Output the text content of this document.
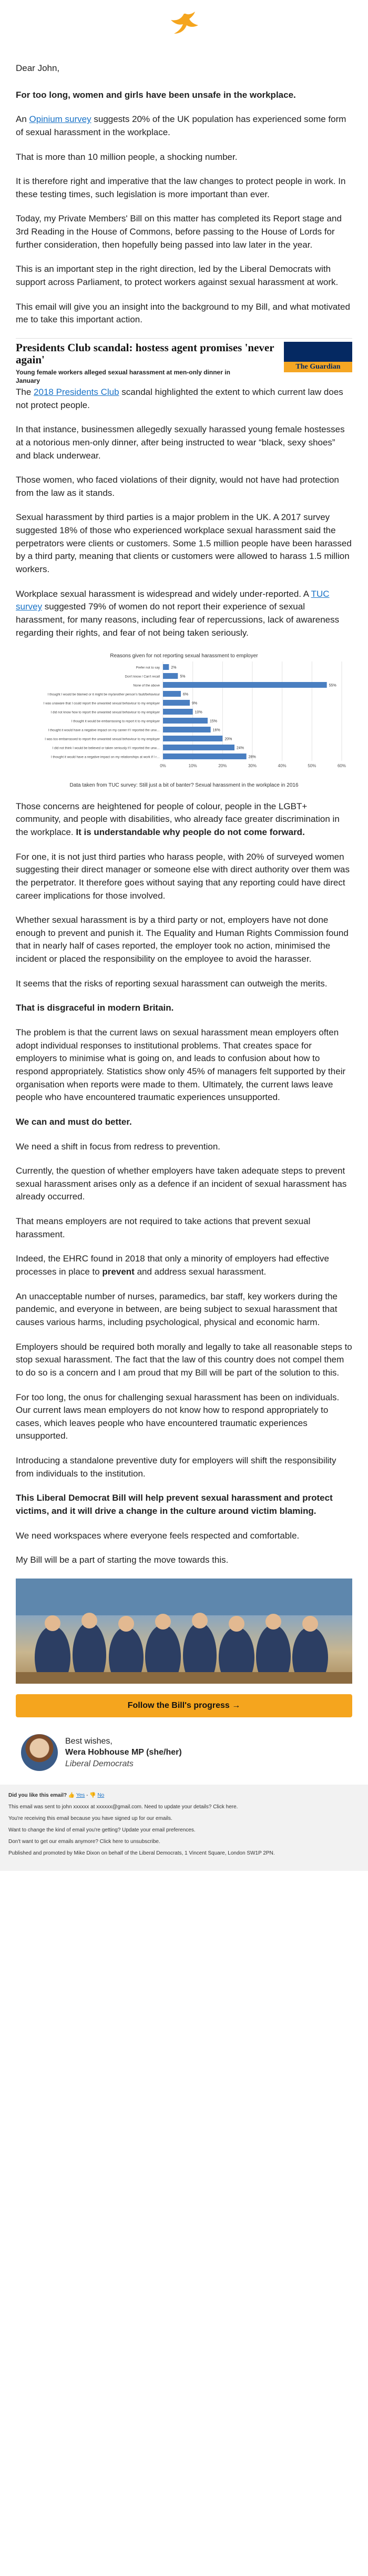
Dear John,

For too long, women and girls have been unsafe in the workplace.

An Opinium survey suggests 20% of the UK population has experienced some form of sexual harassment in the workplace.

That is more than 10 million people, a shocking number.

It is therefore right and imperative that the law changes to protect people in work. In these testing times, such legislation is more important than ever.

Today, my Private Members' Bill on this matter has completed its Report stage and 3rd Reading in the House of Commons, before passing to the House of Lords for further consideration, then hopefully being passed into law later in the year.

This is an important step in the right direction, led by the Liberal Democrats with support across Parliament, to protect workers against sexual harassment at work.

This email will give you an insight into the background to my Bill, and what motivated me to take this important action.

Presidents Club scandal: hostess agent promises 'never again'
Young female workers alleged sexual harassment at men-only dinner in January
The Guardian

The 2018 Presidents Club scandal highlighted the extent to which current law does not protect people.

In that instance, businessmen allegedly sexually harassed young female hostesses at a notorious men-only dinner, after being instructed to wear “black, sexy shoes” and black underwear.

Those women, who faced violations of their dignity, would not have had protection from the law as it stands.

Sexual harassment by third parties is a major problem in the UK. A 2017 survey suggested 18% of those who experienced workplace sexual harassment said the perpetrators were clients or customers. Some 1.5 million people have been harassed by a third party, meaning that clients or customers were allowed to harass 1.5 million workers.

Workplace sexual harassment is widespread and widely under-reported. A TUC survey suggested 79% of women do not report their experience of sexual harassment, for many reasons, including fear of repercussions, lack of awareness regarding their rights, and fear of not being taken seriously.

Reasons given for not reporting sexual harassment to employer
0%	10%	20%	30%	40%	50%	60%
Prefer not to say	2%
Don't know / Can't recall	5%
None of the above	55%
I thought I would be blamed or it might be my/another person's fault/behaviour	6%
I was unaware that I could report the unwanted sexual behaviour to my employer	9%
I did not know how to report the unwanted sexual behaviour to my employer	10%
I thought it would be embarrassing to report it to my employer	15%
I thought it would have a negative impact on my career if I reported the unw…	16%
I was too embarrassed to report the unwanted sexual behaviour to my employer	20%
I did not think I would be believed or taken seriously if I reported the unw…	24%
I thought it would have a negative impact on my relationships at work if I r…	28%

Data taken from TUC survey: Still just a bit of banter? Sexual harassment in the workplace in 2016

Those concerns are heightened for people of colour, people in the LGBT+ community, and people with disabilities, who already face greater discrimination in the workplace. It is understandable why people do not come forward.

For one, it is not just third parties who harass people, with 20% of surveyed women suggesting their direct manager or someone else with direct authority over them was the perpetrator. It therefore goes without saying that any reporting could have direct career implications for those involved.

Whether sexual harassment is by a third party or not, employers have not done enough to prevent and punish it. The Equality and Human Rights Commission found that in nearly half of cases reported, the employer took no action, minimised the incident or placed the responsibility on the employee to avoid the harasser.

It seems that the risks of reporting sexual harassment can outweigh the merits.

That is disgraceful in modern Britain.

The problem is that the current laws on sexual harassment mean employers often adopt individual responses to institutional problems. That creates space for employers to minimise what is going on, and leads to confusion about how to respond appropriately. Statistics show only 45% of managers felt supported by their organisation when reports were made to them. Ultimately, the current laws leave people who have encountered traumatic experiences unsupported.

We can and must do better.

We need a shift in focus from redress to prevention.

Currently, the question of whether employers have taken adequate steps to prevent sexual harassment arises only as a defence if an incident of sexual harassment has already occurred.

That means employers are not required to take actions that prevent sexual harassment.

Indeed, the EHRC found in 2018 that only a minority of employers had effective processes in place to prevent and address sexual harassment.

An unacceptable number of nurses, paramedics, bar staff, key workers during the pandemic, and everyone in between, are being subject to sexual harassment that causes various harms, including psychological, physical and economic harm.

Employers should be required both morally and legally to take all reasonable steps to stop sexual harassment. The fact that the law of this country does not compel them to do so is a concern and I am proud that my Bill will be part of the solution to this.

For too long, the onus for challenging sexual harassment has been on individuals. Our current laws mean employers do not know how to respond appropriately to cases, which leaves people who have encountered traumatic experiences unsupported.

Introducing a standalone preventive duty for employers will shift the responsibility from individuals to the institution.

This Liberal Democrat Bill will help prevent sexual harassment and protect victims, and it will drive a change in the culture around victim blaming.

We need workspaces where everyone feels respected and comfortable.

My Bill will be a part of starting the move towards this.

Follow the Bill's progress →
Best wishes,
Wera Hobhouse MP (she/her)
Liberal Democrats
Did you like this email? 👍 Yes - 👎 No
This email was sent to john xxxxxx at xxxxxx@gmail.com. Need to update your details? Click here.
You're receiving this email because you have signed up for our emails.
Want to change the kind of email you're getting? Update your email preferences.
Don't want to get our emails anymore? Click here to unsubscribe.
Published and promoted by Mike Dixon on behalf of the Liberal Democrats, 1 Vincent Square, London SW1P 2PN.
